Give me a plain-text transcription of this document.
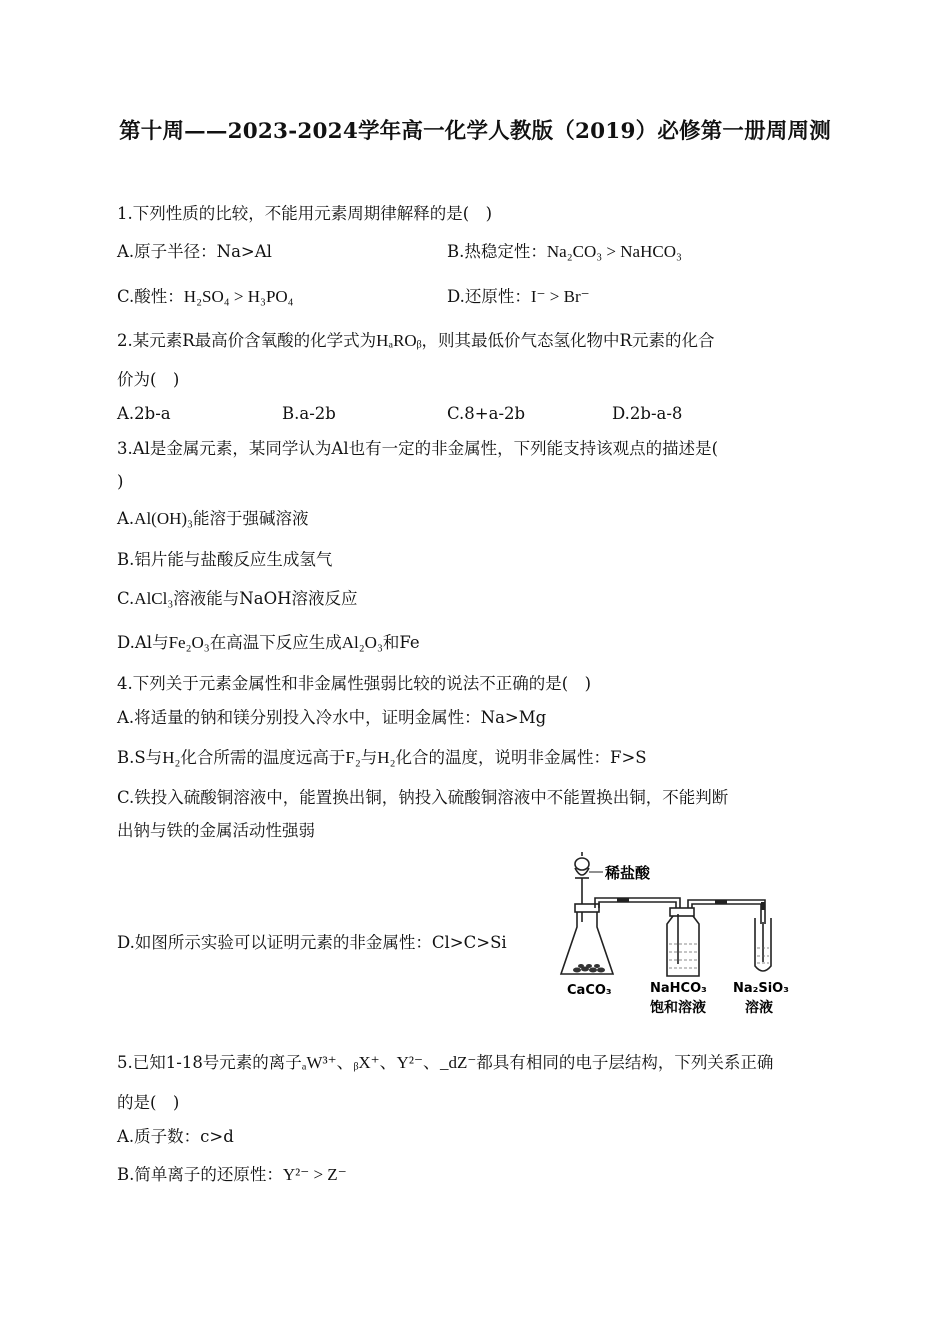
第十周——2023-2024学年高一化学人教版（2019）必修第一册周周测
1.下列性质的比较，不能用元素周期律解释的是(　)
A.原子半径：Na>Al	B.热稳定性：Na₂CO₃ > NaHCO₃
C.酸性：H₂SO₄ > H₃PO₄	D.还原性：I⁻ > Br⁻
2.某元素R最高价含氧酸的化学式为HₐROᵦ，则其最低价气态氢化物中R元素的化合
价为(　)
A.2b-a	B.a-2b	C.8+a-2b	D.2b-a-8
3.Al是金属元素，某同学认为Al也有一定的非金属性，下列能支持该观点的描述是(
)
A.Al(OH)₃能溶于强碱溶液
B.铝片能与盐酸反应生成氢气
C.AlCl₃溶液能与NaOH溶液反应
D.Al与Fe₂O₃在高温下反应生成Al₂O₃和Fe
4.下列关于元素金属性和非金属性强弱比较的说法不正确的是(　)
A.将适量的钠和镁分别投入冷水中，证明金属性：Na>Mg
B.S与H₂化合所需的温度远高于F₂与H₂化合的温度，说明非金属性：F>S
C.铁投入硫酸铜溶液中，能置换出铜，钠投入硫酸铜溶液中不能置换出铜，不能判断
出钠与铁的金属活动性强弱
D.如图所示实验可以证明元素的非金属性：Cl>C>Si
稀盐酸
CaCO₃	NaHCO₃
饱和溶液
Na₂SiO₃
溶液
5.已知1-18号元素的离子ₐW³⁺、ᵦX⁺、Y²⁻、_dZ⁻都具有相同的电子层结构，下列关系正确
的是(　)
A.质子数：c>d
B.简单离子的还原性：Y²⁻ > Z⁻
